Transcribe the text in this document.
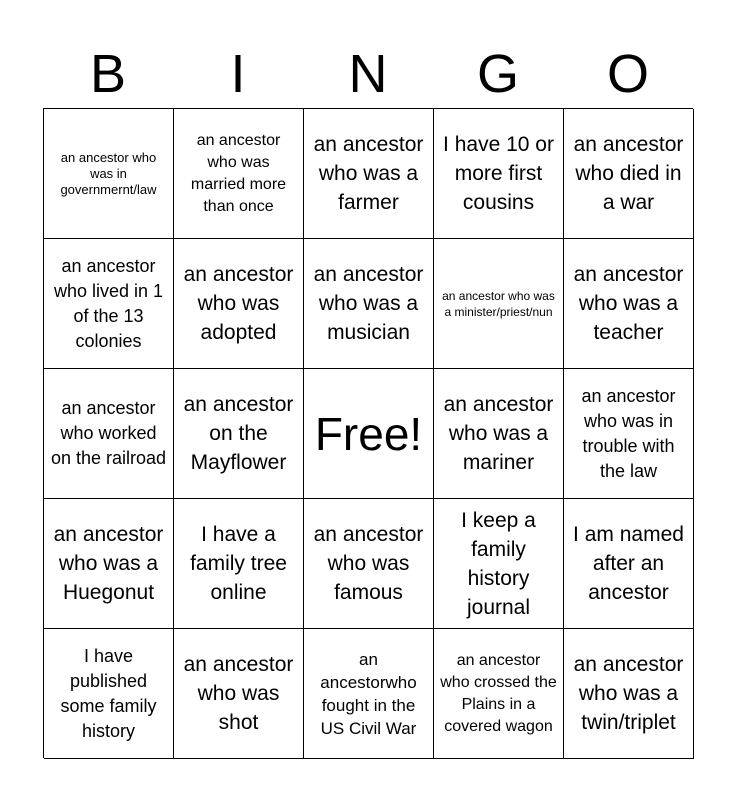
B	I	N	G	O
an ancestor who was in governmernt/law
an ancestor who was married more than once
an ancestor who was a farmer
I have 10 or more first cousins
an ancestor who died in a war
an ancestor who lived in 1 of the 13 colonies
an ancestor who was adopted
an ancestor who was a musician
an ancestor who was a minister/priest/nun
an ancestor who was a teacher
an ancestor who worked on the railroad
an ancestor on the Mayflower
Free!
an ancestor who was a mariner
an ancestor who was in trouble with the law
an ancestor who was a Huegonut
I have a family tree online
an ancestor who was famous
I keep a family history journal
I am named after an ancestor
I have published some family history
an ancestor who was shot
an ancestorwho fought in the US Civil War
an ancestor who crossed the Plains in a covered wagon
an ancestor who was a twin/triplet
